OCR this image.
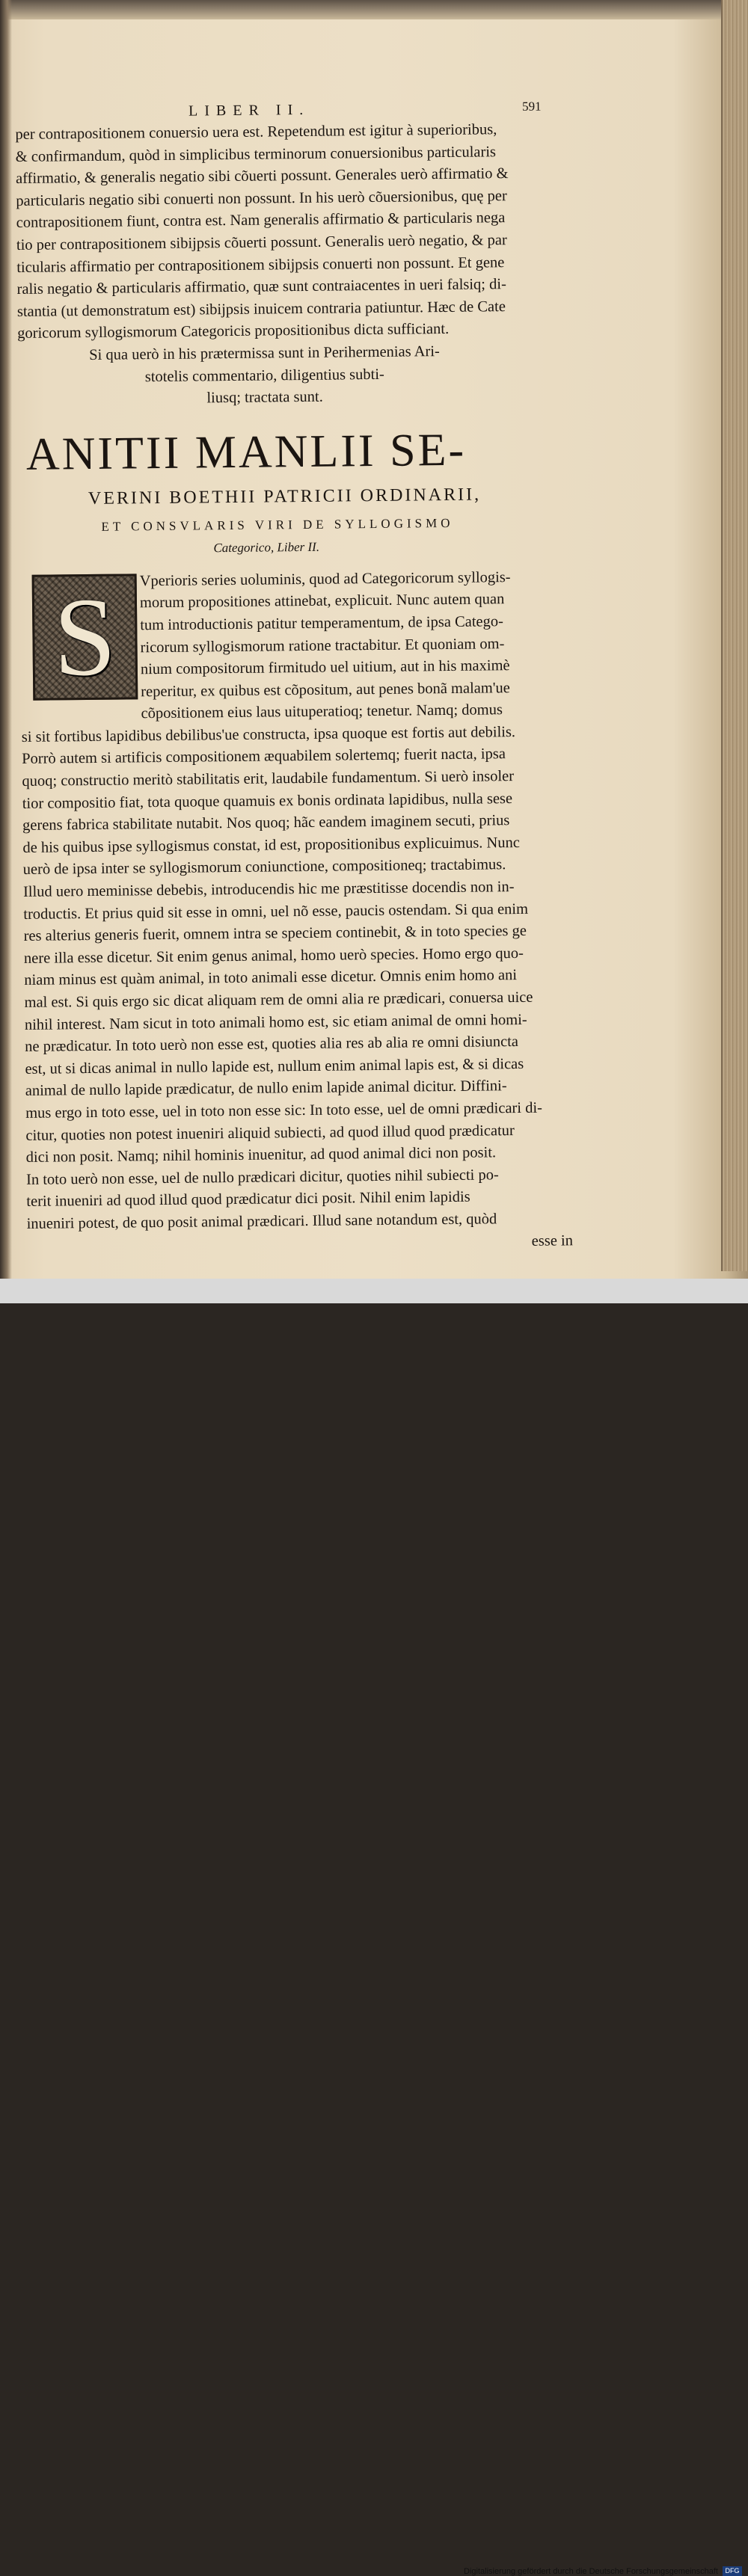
LIBER II.	591
per contrapositionem conuersio uera est. Repetendum est igitur à superioribus,
& confirmandum, quòd in simplicibus terminorum conuersionibus particularis
affirmatio, & generalis negatio sibi cõuerti possunt. Generales uerò affirmatio &
particularis negatio sibi conuerti non possunt. In his uerò cõuersionibus, quę per
contrapositionem fiunt, contra est. Nam generalis affirmatio & particularis nega
tio per contrapositionem sibijpsis cõuerti possunt. Generalis uerò negatio, & par
ticularis affirmatio per contrapositionem sibijpsis conuerti non possunt. Et gene
ralis negatio & particularis affirmatio, quæ sunt contraiacentes in ueri falsiq; di-
stantia (ut demonstratum est) sibijpsis inuicem contraria patiuntur. Hæc de Cate
goricorum syllogismorum Categoricis propositionibus dicta sufficiant.
Si qua uerò in his prætermissa sunt in Perihermenias Ari-
stotelis commentario, diligentius subti-
liusq; tractata sunt.
ANITII MANLII SE-
VERINI BOETHII PATRICII ORDINARII,
ET CONSVLARIS VIRI DE SYLLOGISMO
Categorico, Liber II.
S	Vperioris series uoluminis, quod ad Categoricorum syllogis-
morum propositiones attinebat, explicuit. Nunc autem quan
tum introductionis patitur temperamentum, de ipsa Catego-
ricorum syllogismorum ratione tractabitur. Et quoniam om-
nium compositorum firmitudo uel uitium, aut in his maximè
reperitur, ex quibus est cõpositum, aut penes bonã malam'ue
cõpositionem eius laus uituperatioq; tenetur. Namq; domus
si sit fortibus lapidibus debilibus'ue constructa, ipsa quoque est fortis aut debilis.
Porrò autem si artificis compositionem æquabilem solertemq; fuerit nacta, ipsa
quoq; constructio meritò stabilitatis erit, laudabile fundamentum. Si uerò insoler
tior compositio fiat, tota quoque quamuis ex bonis ordinata lapidibus, nulla sese
gerens fabrica stabilitate nutabit. Nos quoq; hãc eandem imaginem secuti, prius
de his quibus ipse syllogismus constat, id est, propositionibus explicuimus. Nunc
uerò de ipsa inter se syllogismorum coniunctione, compositioneq; tractabimus.
Illud uero meminisse debebis, introducendis hic me præstitisse docendis non in-
troductis. Et prius quid sit esse in omni, uel nõ esse, paucis ostendam. Si qua enim
res alterius generis fuerit, omnem intra se speciem continebit, & in toto species ge
nere illa esse dicetur. Sit enim genus animal, homo uerò species. Homo ergo quo-
niam minus est quàm animal, in toto animali esse dicetur. Omnis enim homo ani
mal est. Si quis ergo sic dicat aliquam rem de omni alia re prædicari, conuersa uice
nihil interest. Nam sicut in toto animali homo est, sic etiam animal de omni homi-
ne prædicatur. In toto uerò non esse est, quoties alia res ab alia re omni disiuncta
est, ut si dicas animal in nullo lapide est, nullum enim animal lapis est, & si dicas
animal de nullo lapide prædicatur, de nullo enim lapide animal dicitur. Diffini-
mus ergo in toto esse, uel in toto non esse sic: In toto esse, uel de omni prædicari di-
citur, quoties non potest inueniri aliquid subiecti, ad quod illud quod prædicatur
dici non posit. Namq; nihil hominis inuenitur, ad quod animal dici non posit.
In toto uerò non esse, uel de nullo prædicari dicitur, quoties nihil subiecti po-
terit inueniri ad quod illud quod prædicatur dici posit. Nihil enim lapidis
inueniri potest, de quo posit animal prædicari. Illud sane notandum est, quòd
esse in
Digitalisierung gefördert durch die Deutsche Forschungsgemeinschaft	DFG
